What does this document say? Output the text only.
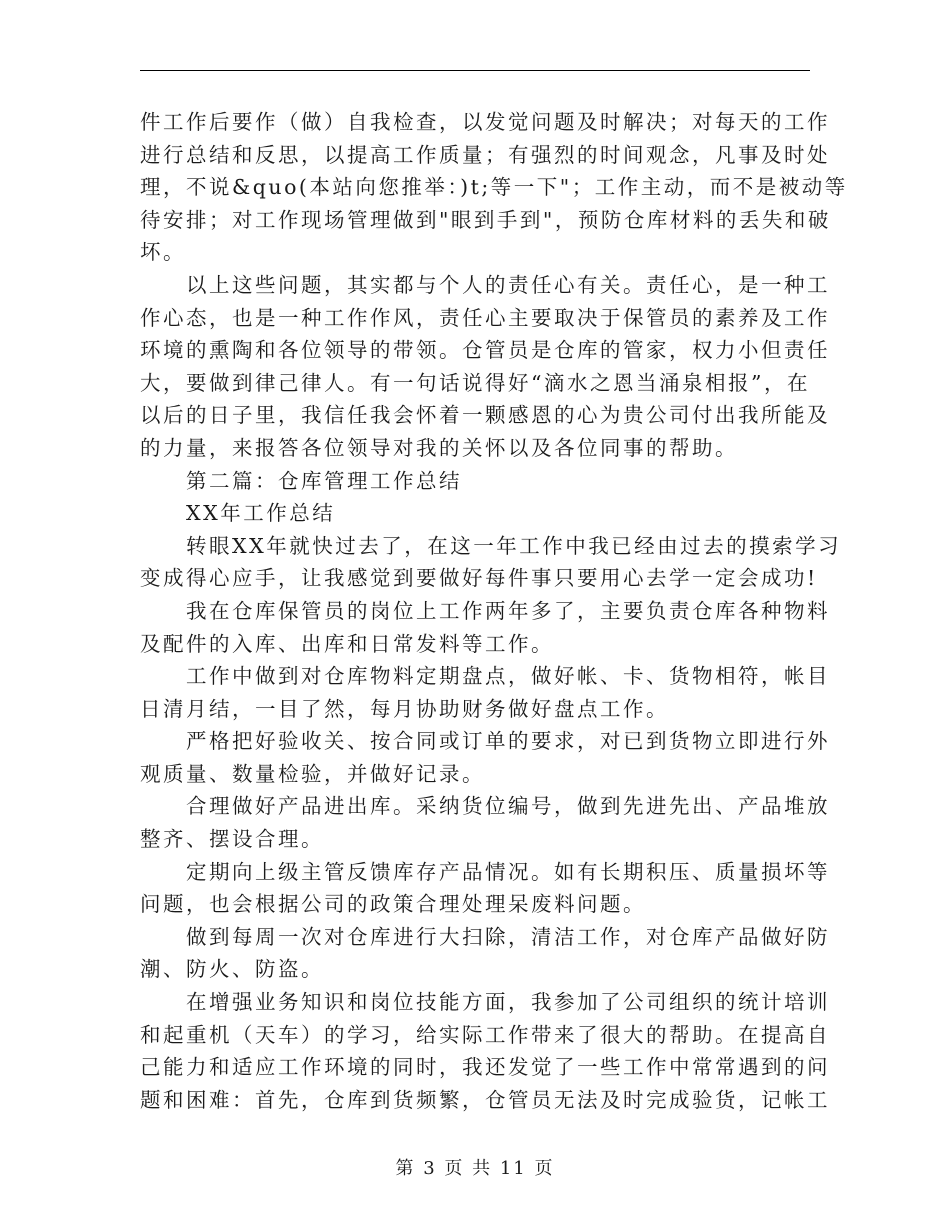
件工作后要作（做）自我检查，以发觉问题及时解决；对每天的工作

进行总结和反思，以提高工作质量；有强烈的时间观念，凡事及时处

理，不说&quo(本站向您推举：)t;等一下"；工作主动，而不是被动等

待安排；对工作现场管理做到"眼到手到"，预防仓库材料的丢失和破

坏。

以上这些问题，其实都与个人的责任心有关。责任心，是一种工

作心态，也是一种工作作风，责任心主要取决于保管员的素养及工作

环境的熏陶和各位领导的带领。仓管员是仓库的管家，权力小但责任

大，要做到律己律人。有一句话说得好“滴水之恩当涌泉相报”，在

以后的日子里，我信任我会怀着一颗感恩的心为贵公司付出我所能及

的力量，来报答各位领导对我的关怀以及各位同事的帮助。

第二篇：仓库管理工作总结

XX年工作总结

转眼XX年就快过去了，在这一年工作中我已经由过去的摸索学习

变成得心应手，让我感觉到要做好每件事只要用心去学一定会成功!

我在仓库保管员的岗位上工作两年多了，主要负责仓库各种物料

及配件的入库、出库和日常发料等工作。

工作中做到对仓库物料定期盘点，做好帐、卡、货物相符，帐目

日清月结，一目了然，每月协助财务做好盘点工作。

严格把好验收关、按合同或订单的要求，对已到货物立即进行外

观质量、数量检验，并做好记录。

合理做好产品进出库。采纳货位编号，做到先进先出、产品堆放

整齐、摆设合理。

定期向上级主管反馈库存产品情况。如有长期积压、质量损坏等

问题，也会根据公司的政策合理处理呆废料问题。

做到每周一次对仓库进行大扫除，清洁工作，对仓库产品做好防

潮、防火、防盗。

在增强业务知识和岗位技能方面，我参加了公司组织的统计培训

和起重机（天车）的学习，给实际工作带来了很大的帮助。在提高自

己能力和适应工作环境的同时，我还发觉了一些工作中常常遇到的问

题和困难：首先，仓库到货频繁，仓管员无法及时完成验货，记帐工

第 3 页 共 11 页
